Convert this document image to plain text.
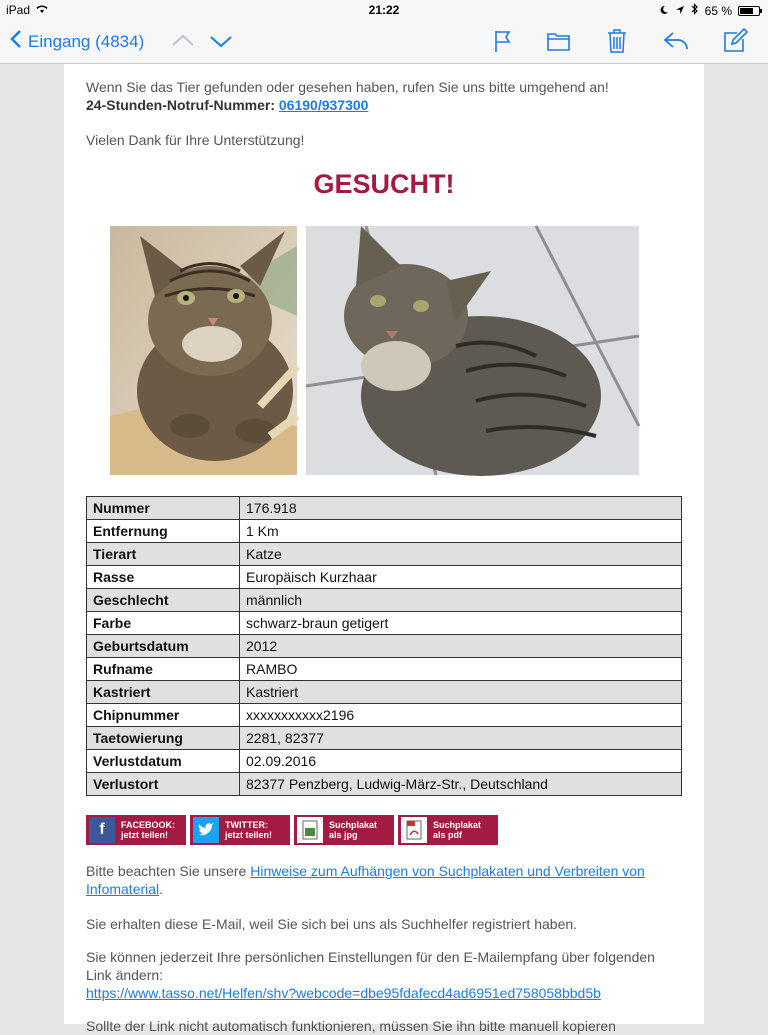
iPad	21:22	65 %
Eingang (4834)
Wenn Sie das Tier gefunden oder gesehen haben, rufen Sie uns bitte umgehend an!
24-Stunden-Notruf-Nummer: 06190/937300
Vielen Dank für Ihre Unterstützung!
GESUCHT!
Nummer	176.918
Entfernung	1 Km
Tierart	Katze
Rasse	Europäisch Kurzhaar
Geschlecht	männlich
Farbe	schwarz-braun getigert
Geburtsdatum	2012
Rufname	RAMBO
Kastriert	Kastriert
Chipnummer	xxxxxxxxxxx2196
Taetowierung	2281, 82377
Verlustdatum	02.09.2016
Verlustort	82377 Penzberg, Ludwig-März-Str., Deutschland
f	FACEBOOK:
jetzt teilen!
TWITTER:
jetzt teilen!
Suchplakat
als jpg
Suchplakat
als pdf
Bitte beachten Sie unsere Hinweise zum Aufhängen von Suchplakaten und Verbreiten von Infomaterial.
Sie erhalten diese E-Mail, weil Sie sich bei uns als Suchhelfer registriert haben.
Sie können jederzeit Ihre persönlichen Einstellungen für den E-Mailempfang über folgenden Link ändern:
https://www.tasso.net/Helfen/shv?webcode=dbe95fdafecd4ad6951ed758058bbd5b
Sollte der Link nicht automatisch funktionieren, müssen Sie ihn bitte manuell kopieren
